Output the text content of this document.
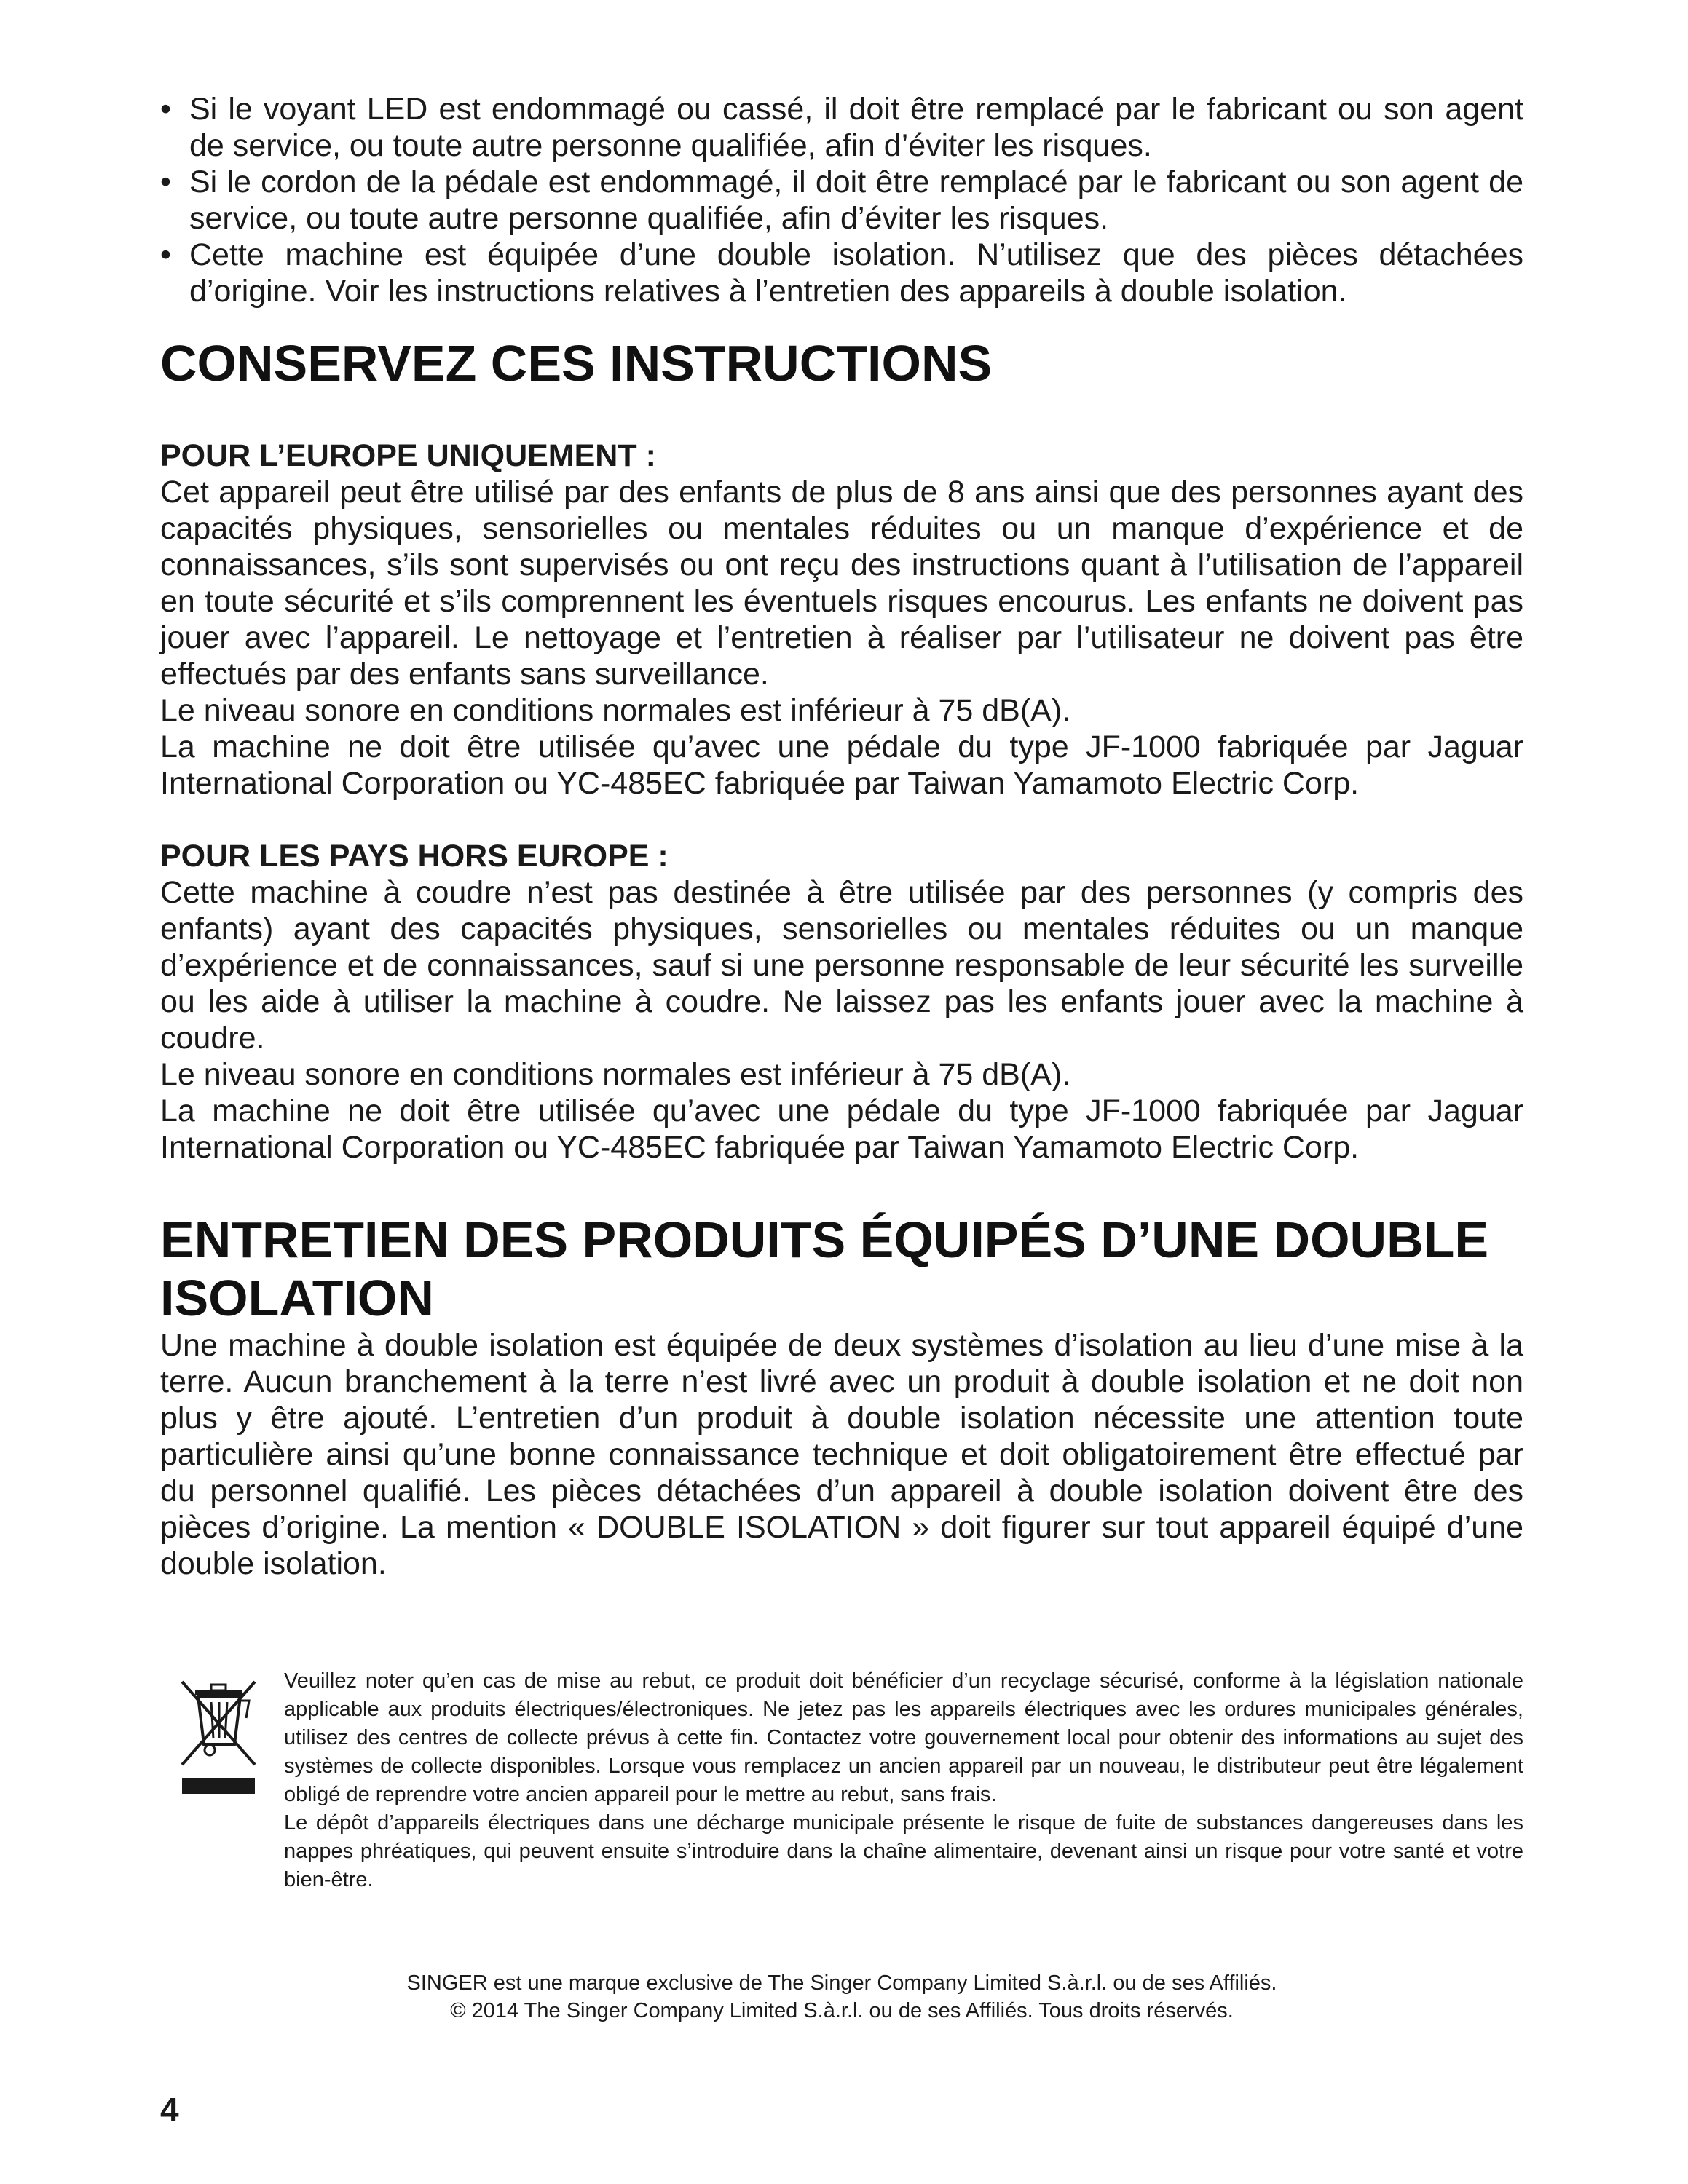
• Si le voyant LED est endommagé ou cassé, il doit être remplacé par le fabricant ou son agent de service, ou toute autre personne qualifiée, afin d’éviter les risques.
• Si le cordon de la pédale est endommagé, il doit être remplacé par le fabricant ou son agent de service, ou toute autre personne qualifiée, afin d’éviter les risques.
• Cette machine est équipée d’une double isolation. N’utilisez que des pièces détachées d’origine. Voir les instructions relatives à l’entretien des appareils à double isolation.
CONSERVEZ CES INSTRUCTIONS
POUR L’EUROPE UNIQUEMENT :

Cet appareil peut être utilisé par des enfants de plus de 8 ans ainsi que des personnes ayant des capacités physiques, sensorielles ou mentales réduites ou un manque d’expérience et de connaissances, s’ils sont supervisés ou ont reçu des instructions quant à l’utilisation de l’appareil en toute sécurité et s’ils comprennent les éventuels risques encourus. Les enfants ne doivent pas jouer avec l’appareil. Le nettoyage et l’entretien à réaliser par l’utilisateur ne doivent pas être effectués par des enfants sans surveillance.

Le niveau sonore en conditions normales est inférieur à 75 dB(A).

La machine ne doit être utilisée qu’avec une pédale du type JF-1000 fabriquée par Jaguar International Corporation ou YC-485EC fabriquée par Taiwan Yamamoto Electric Corp.

POUR LES PAYS HORS EUROPE :

Cette machine à coudre n’est pas destinée à être utilisée par des personnes (y compris des enfants) ayant des capacités physiques, sensorielles ou mentales réduites ou un manque d’expérience et de connaissances, sauf si une personne responsable de leur sécurité les surveille ou les aide à utiliser la machine à coudre. Ne laissez pas les enfants jouer avec la machine à coudre.

Le niveau sonore en conditions normales est inférieur à 75 dB(A).

La machine ne doit être utilisée qu’avec une pédale du type JF-1000 fabriquée par Jaguar International Corporation ou YC-485EC fabriquée par Taiwan Yamamoto Electric Corp.

ENTRETIEN DES PRODUITS ÉQUIPÉS D’UNE DOUBLE ISOLATION

Une machine à double isolation est équipée de deux systèmes d’isolation au lieu d’une mise à la terre. Aucun branchement à la terre n’est livré avec un produit à double isolation et ne doit non plus y être ajouté. L’entretien d’un produit à double isolation nécessite une attention toute particulière ainsi qu’une bonne connaissance technique et doit obligatoirement être effectué par du personnel qualifié. Les pièces détachées d’un appareil à double isolation doivent être des pièces d’origine. La mention « DOUBLE ISOLATION » doit figurer sur tout appareil équipé d’une double isolation.

Veuillez noter qu’en cas de mise au rebut, ce produit doit bénéficier d’un recyclage sécurisé, conforme à la législation nationale applicable aux produits électriques/électroniques. Ne jetez pas les appareils électriques avec les ordures municipales générales, utilisez des centres de collecte prévus à cette fin. Contactez votre gouvernement local pour obtenir des informations au sujet des systèmes de collecte disponibles. Lorsque vous remplacez un ancien appareil par un nouveau, le distributeur peut être légalement obligé de reprendre votre ancien appareil pour le mettre au rebut, sans frais.

Le dépôt d’appareils électriques dans une décharge municipale présente le risque de fuite de substances dangereuses dans les nappes phréatiques, qui peuvent ensuite s’introduire dans la chaîne alimentaire, devenant ainsi un risque pour votre santé et votre bien-être.

SINGER est une marque exclusive de The Singer Company Limited S.à.r.l. ou de ses Affiliés.

© 2014 The Singer Company Limited S.à.r.l. ou de ses Affiliés. Tous droits réservés.

4
